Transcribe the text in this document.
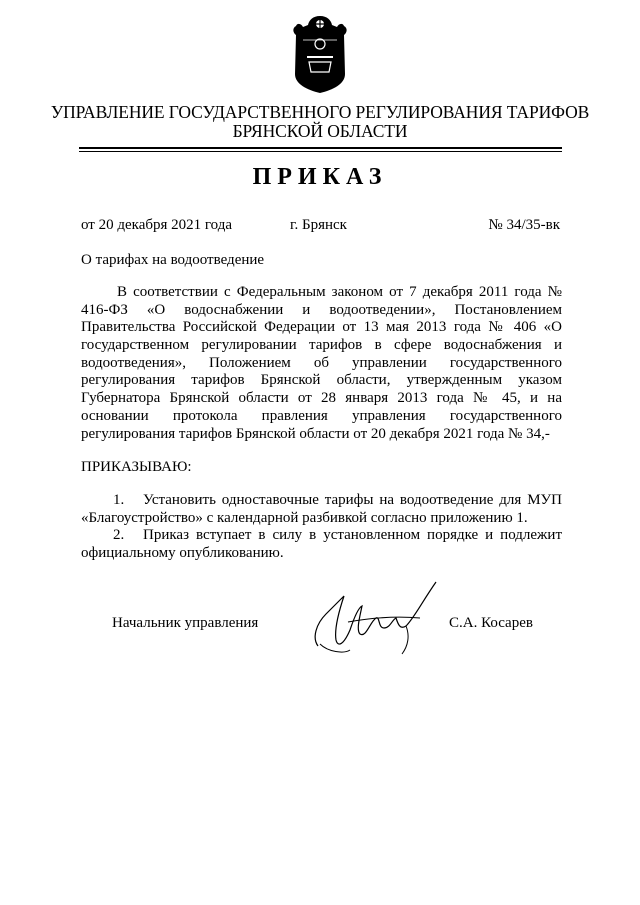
УПРАВЛЕНИЕ ГОСУДАРСТВЕННОГО РЕГУЛИРОВАНИЯ ТАРИФОВ
БРЯНСКОЙ ОБЛАСТИ
ПРИКАЗ
от 20 декабря 2021 года	г. Брянск	№ 34/35-вк
О тарифах на водоотведение
В соответствии с Федеральным законом от 7 декабря 2011 года №
416-ФЗ «О водоснабжении и водоотведении», Постановлением
Правительства Российской Федерации от 13 мая 2013 года № 406 «О
государственном регулировании тарифов в сфере водоснабжения и
водоотведения», Положением об управлении государственного
регулирования тарифов Брянской области, утвержденным указом
Губернатора Брянской области от 28 января 2013 года № 45, и на
основании протокола правления управления государственного
регулирования тарифов Брянской области от 20 декабря 2021 года № 34,-
ПРИКАЗЫВАЮ:
1. Установить одноставочные тарифы на водоотведение для МУП
«Благоустройство» с календарной разбивкой согласно приложению 1.
2. Приказ вступает в силу в установленном порядке и подлежит
официальному опубликованию.
Начальник управления	С.А. Косарев
